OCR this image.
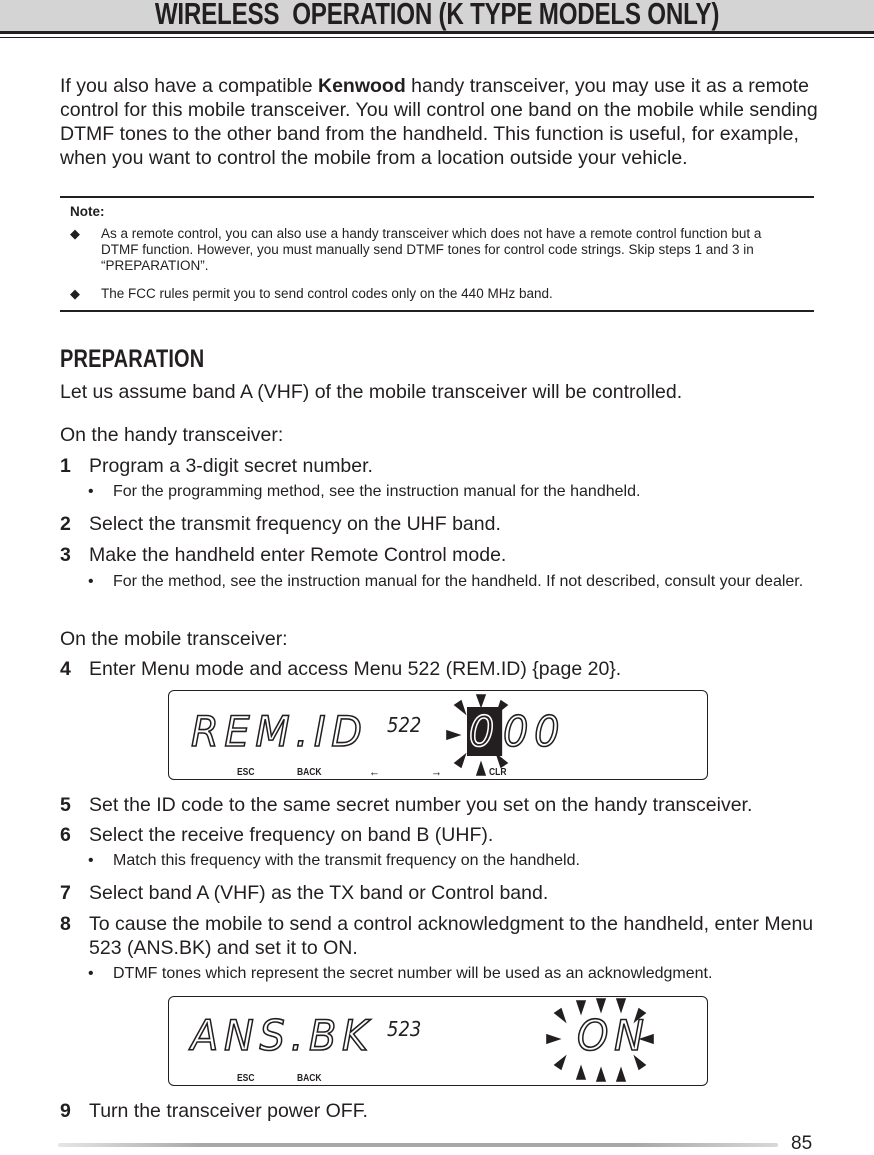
WIRELESS  OPERATION (K TYPE MODELS ONLY)

If you also have a compatible Kenwood handy transceiver, you may use it as a remote control for this mobile transceiver. You will control one band on the mobile while sending DTMF tones to the other band from the handheld. This function is useful, for example, when you want to control the mobile from a location outside your vehicle.

Note:
◆ As a remote control, you can also use a handy transceiver which does not have a remote control function but a DTMF function. However, you must manually send DTMF tones for control code strings. Skip steps 1 and 3 in “PREPARATION”.
◆ The FCC rules permit you to send control codes only on the 440 MHz band.
PREPARATION

Let us assume band A (VHF) of the mobile transceiver will be controlled.

On the handy transceiver:

1 Program a 3-digit secret number.
• For the programming method, see the instruction manual for the handheld.
2 Select the transmit frequency on the UHF band.
3 Make the handheld enter Remote Control mode.
• For the method, see the instruction manual for the handheld. If not described, consult your dealer.

On the mobile transceiver:

4 Enter Menu mode and access Menu 522 (REM.ID) {page 20}.
REM.ID 522 0 00
ESC	BACK	←	→	CLR
5 Set the ID code to the same secret number you set on the handy transceiver.
6 Select the receive frequency on band B (UHF).
• Match this frequency with the transmit frequency on the handheld.
7 Select band A (VHF) as the TX band or Control band.
8 To cause the mobile to send a control acknowledgment to the handheld, enter Menu 523 (ANS.BK) and set it to ON.
• DTMF tones which represent the secret number will be used as an acknowledgment.
ANS.BK 523	ON
ESC	BACK
9 Turn the transceiver power OFF.
85
